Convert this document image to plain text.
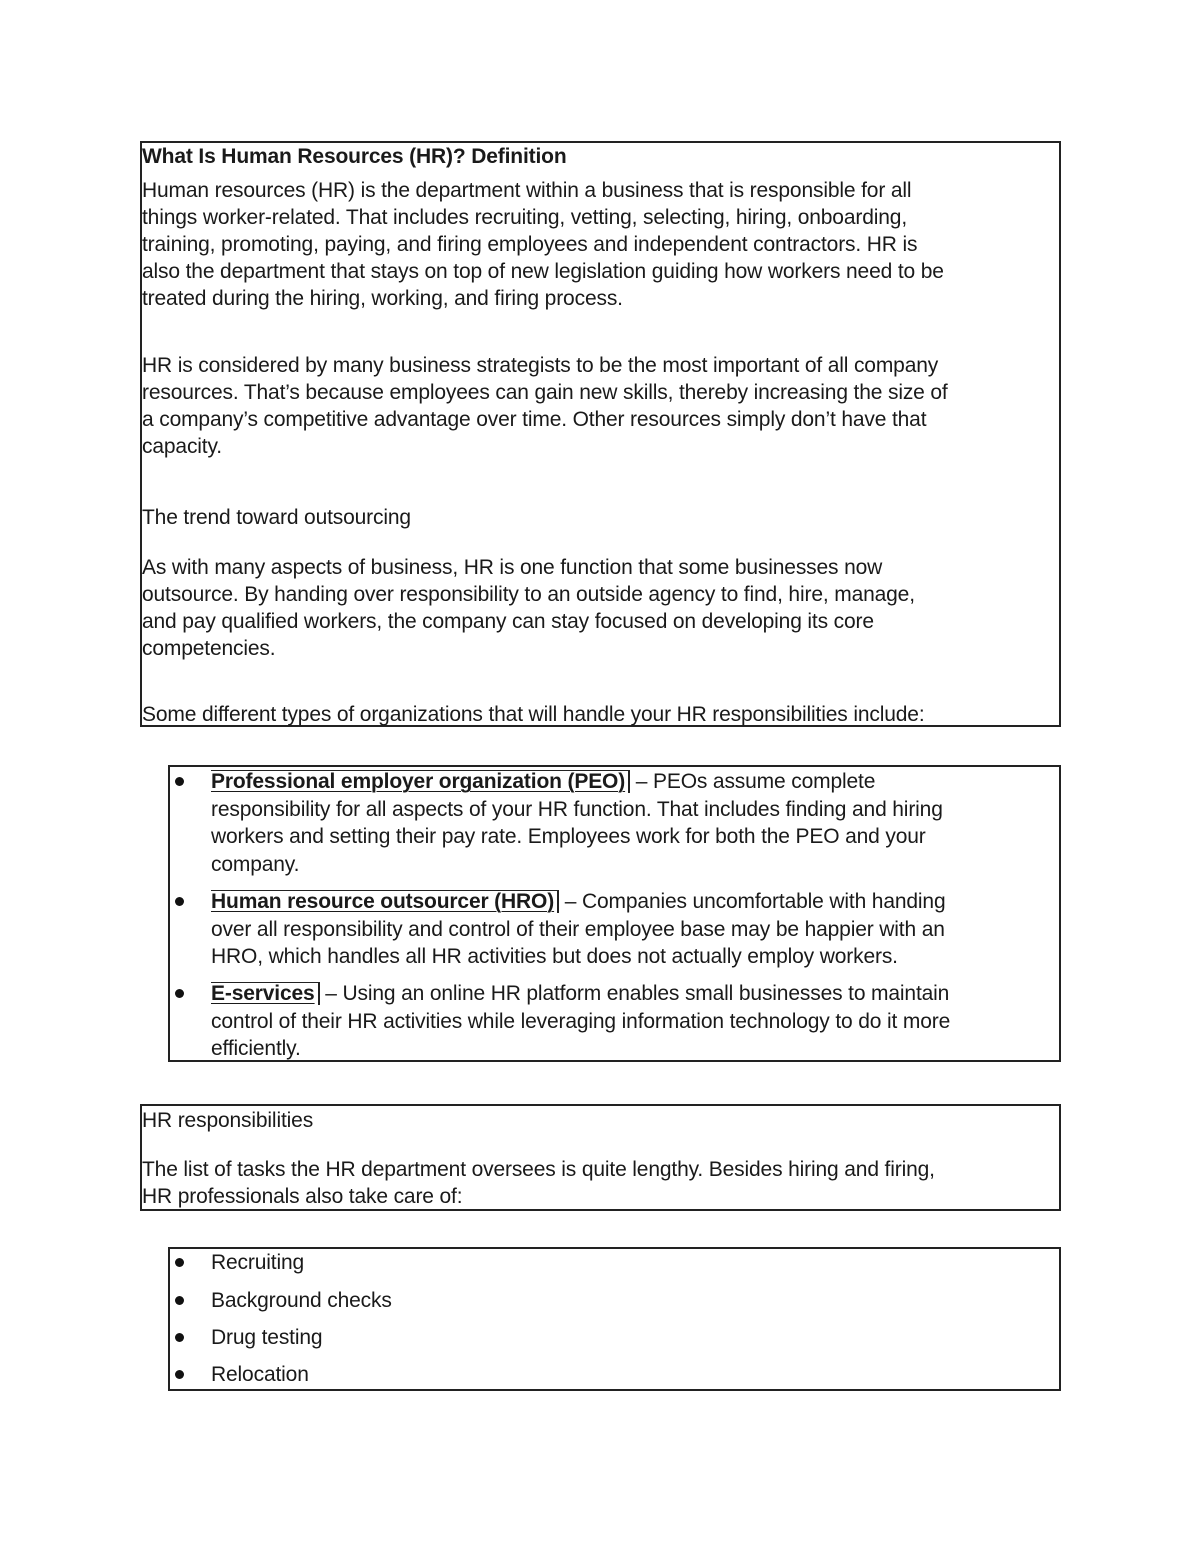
What Is Human Resources (HR)? Definition

Human resources (HR) is the department within a business that is responsible for all
things worker-related. That includes recruiting, vetting, selecting, hiring, onboarding,
training, promoting, paying, and firing employees and independent contractors. HR is
also the department that stays on top of new legislation guiding how workers need to be
treated during the hiring, working, and firing process.

HR is considered by many business strategists to be the most important of all company
resources. That’s because employees can gain new skills, thereby increasing the size of
a company’s competitive advantage over time. Other resources simply don’t have that
capacity.

The trend toward outsourcing

As with many aspects of business, HR is one function that some businesses now
outsource. By handing over responsibility to an outside agency to find, hire, manage,
and pay qualified workers, the company can stay focused on developing its core
competencies.

Some different types of organizations that will handle your HR responsibilities include:

Professional employer organization (PEO) – PEOs assume complete
responsibility for all aspects of your HR function. That includes finding and hiring
workers and setting their pay rate. Employees work for both the PEO and your
company.

Human resource outsourcer (HRO) – Companies uncomfortable with handing
over all responsibility and control of their employee base may be happier with an
HRO, which handles all HR activities but does not actually employ workers.

E-services – Using an online HR platform enables small businesses to maintain
control of their HR activities while leveraging information technology to do it more
efficiently.

HR responsibilities

The list of tasks the HR department oversees is quite lengthy. Besides hiring and firing,
HR professionals also take care of:

Recruiting

Background checks

Drug testing

Relocation
